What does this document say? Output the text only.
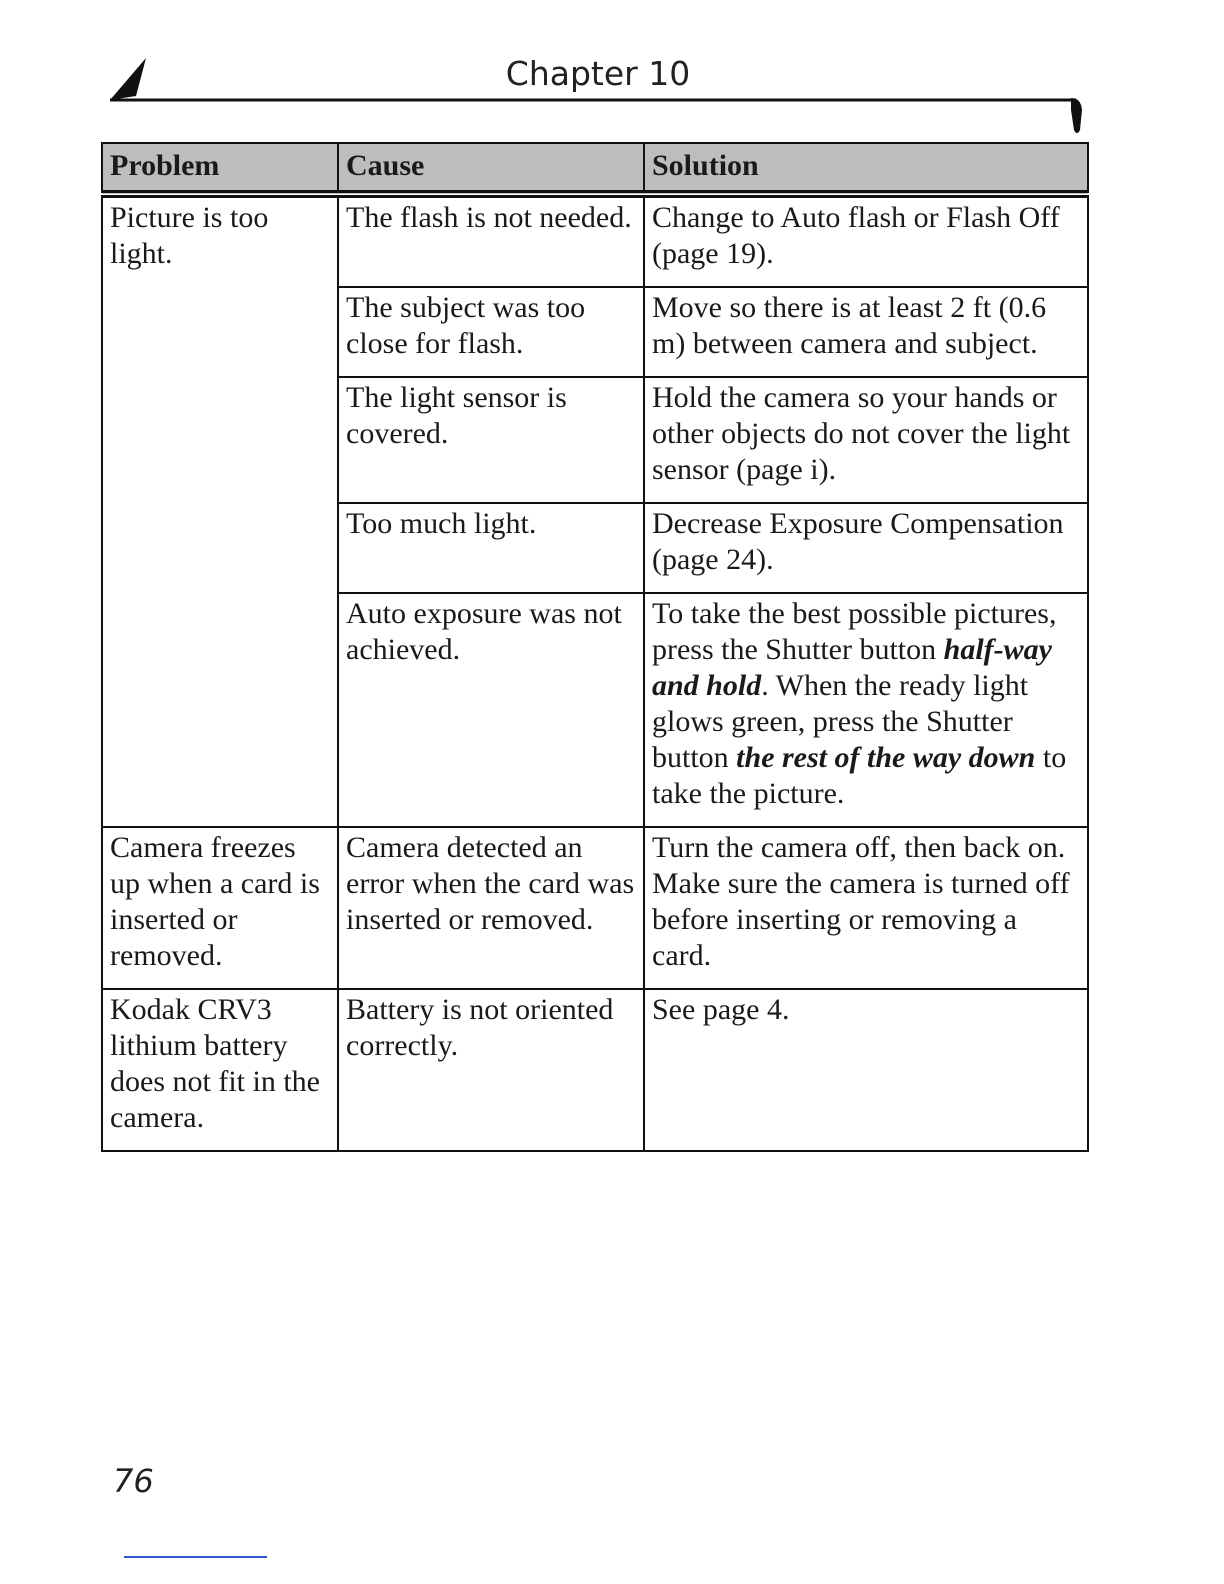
Chapter 10
Problem	Cause	Solution
Picture is too light.	The flash is not needed.	Change to Auto flash or Flash Off (page 19).
	The subject was too close for flash.	Move so there is at least 2 ft (0.6 m) between camera and subject.
	The light sensor is covered.	Hold the camera so your hands or other objects do not cover the light sensor (page i).
	Too much light.	Decrease Exposure Compensation (page 24).
	Auto exposure was not achieved.	To take the best possible pictures, press the Shutter button half-way and hold. When the ready light glows green, press the Shutter button the rest of the way down to take the picture.
Camera freezes up when a card is inserted or removed.	Camera detected an error when the card was inserted or removed.	Turn the camera off, then back on. Make sure the camera is turned off before inserting or removing a card.
Kodak CRV3 lithium battery does not fit in the camera.	Battery is not oriented correctly.	See page 4.
76
